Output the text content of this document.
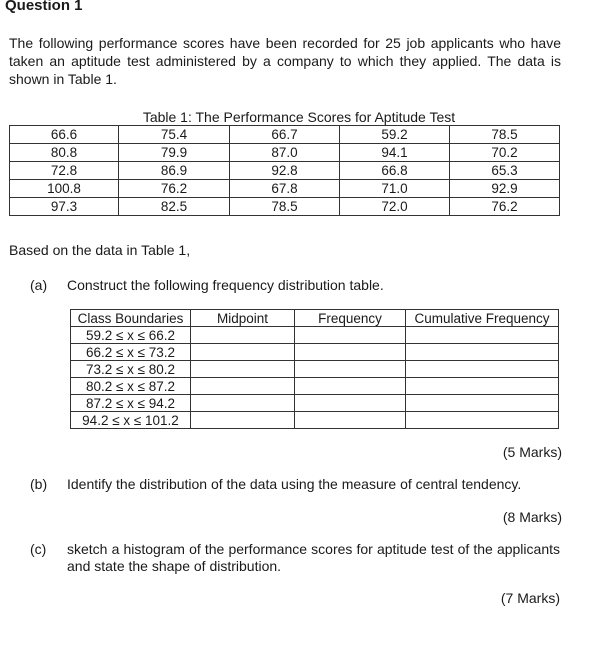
Question 1
The following performance scores have been recorded for 25 job applicants who have taken an aptitude test administered by a company to which they applied. The data is shown in Table 1.
Table 1: The Performance Scores for Aptitude Test
66.6	75.4	66.7	59.2	78.5
80.8	79.9	87.0	94.1	70.2
72.8	86.9	92.8	66.8	65.3
100.8	76.2	67.8	71.0	92.9
97.3	82.5	78.5	72.0	76.2
Based on the data in Table 1,
(a) Construct the following frequency distribution table.
Class Boundaries	Midpoint	Frequency	Cumulative Frequency
59.2 ≤ x ≤ 66.2			
66.2 ≤ x ≤ 73.2			
73.2 ≤ x ≤ 80.2			
80.2 ≤ x ≤ 87.2			
87.2 ≤ x ≤ 94.2			
94.2 ≤ x ≤ 101.2			
(5 Marks)
(b) Identify the distribution of the data using the measure of central tendency.
(8 Marks)
(c) sketch a histogram of the performance scores for aptitude test of the applicants and state the shape of distribution.
(7 Marks)
